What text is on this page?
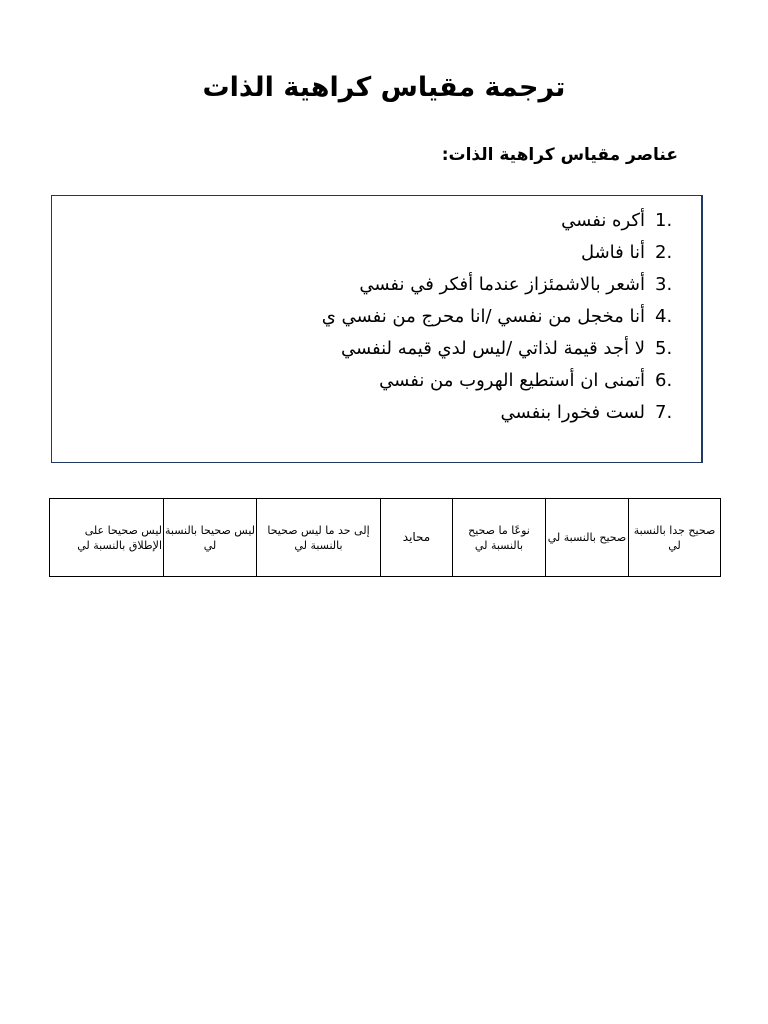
ترجمة مقياس كراهية الذات
عناصر مقياس كراهية الذات:
1.
أكره نفسي
2.
أنا فاشل
3.
أشعر بالاشمئزاز عندما أفكر في نفسي
4.
أنا مخجل من نفسي /انا محرج من نفسي ي
5.
لا أجد قيمة لذاتي /ليس لدي قيمه لنفسي
6.
أتمنى ان أستطيع الهروب من نفسي
7.
لست فخورا بنفسي
صحيح جدا بالنسبة لي	صحيح بالنسبة لي	نوعًا ما صحيح بالنسبة لي	محايد	إلى حد ما ليس صحيحا بالنسبة لي	ليس صحيحا بالنسبة لي	ليس صحيحا على الإطلاق بالنسبة لي
